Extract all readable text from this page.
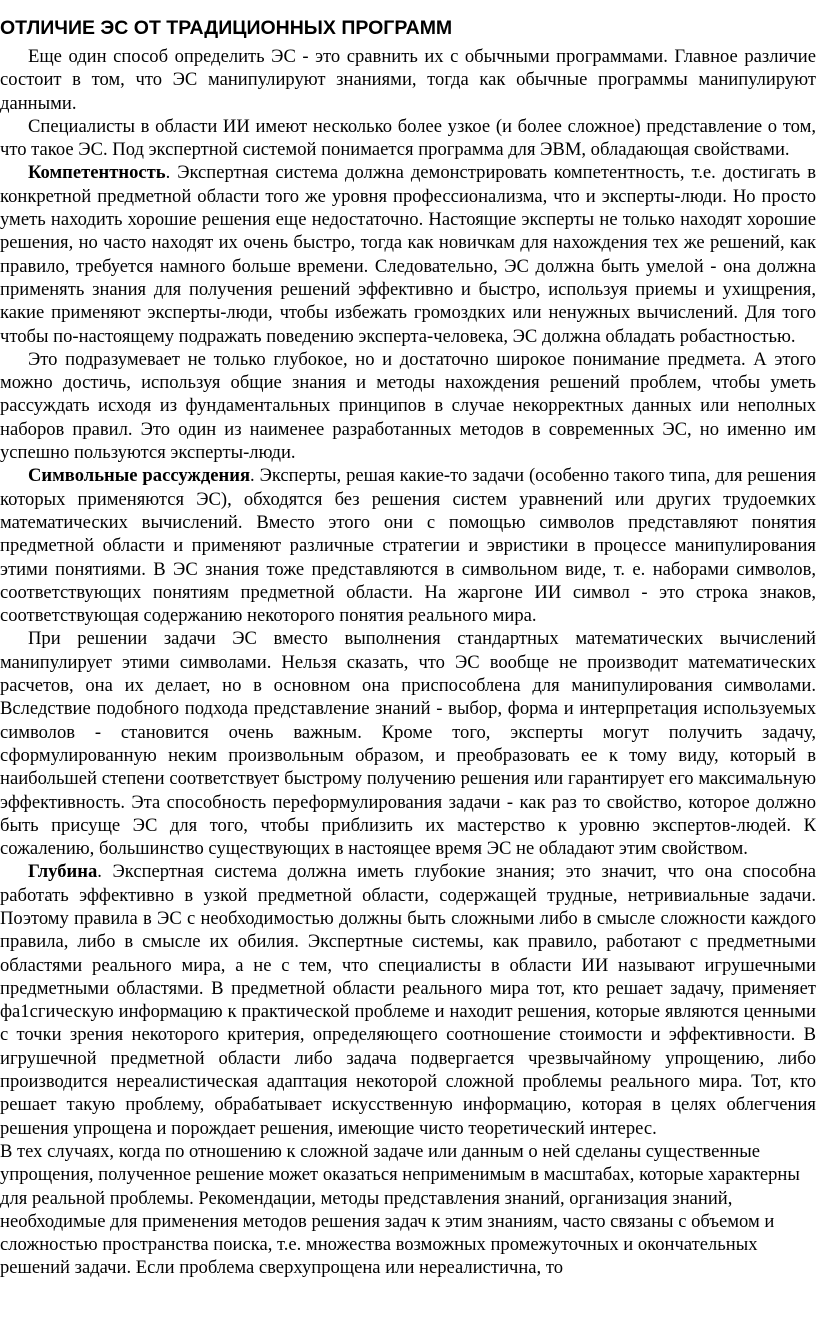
ОТЛИЧИЕ ЭС ОТ ТРАДИЦИОННЫХ ПРОГРАММ

Еще один способ определить ЭС - это сравнить их с обычными программами. Главное различие состоит в том, что ЭС манипулируют знаниями, тогда как обычные программы манипулируют данными.

Специалисты в области ИИ имеют несколько более узкое (и более сложное) представление о том, что такое ЭС. Под экспертной системой понимается программа для ЭВМ, обладающая свойствами.

Компетентность. Экспертная система должна демонстрировать компетентность, т.е. достигать в конкретной предметной области того же уровня профессионализма, что и эксперты-люди. Но просто уметь находить хорошие решения еще недостаточно. Настоящие эксперты не только находят хорошие решения, но часто находят их очень быстро, тогда как новичкам для нахождения тех же решений, как правило, требуется намного больше времени. Следовательно, ЭС должна быть умелой - она должна применять знания для получения решений эффективно и быстро, используя приемы и ухищрения, какие применяют эксперты-люди, чтобы избежать громоздких или ненужных вычислений. Для того чтобы по-настоящему подражать поведению эксперта-человека, ЭС должна обладать робастностью.

Это подразумевает не только глубокое, но и достаточно широкое понимание предмета. А этого можно достичь, используя общие знания и методы нахождения решений проблем, чтобы уметь рассуждать исходя из фундаментальных принципов в случае некорректных данных или неполных наборов правил. Это один из наименее разработанных методов в современных ЭС, но именно им успешно пользуются эксперты-люди.

Символьные рассуждения. Эксперты, решая какие-то задачи (особенно такого типа, для решения которых применяются ЭС), обходятся без решения систем уравнений или других трудоемких математических вычислений. Вместо этого они с помощью символов представляют понятия предметной области и применяют различные стратегии и эвристики в процессе манипулирования этими понятиями. В ЭС знания тоже представляются в символьном виде, т. е. наборами символов, соответствующих понятиям предметной области. На жаргоне ИИ символ - это строка знаков, соответствующая содержанию некоторого понятия реального мира.

При решении задачи ЭС вместо выполнения стандартных математических вычислений манипулирует этими символами. Нельзя сказать, что ЭС вообще не производит математических расчетов, она их делает, но в основном она приспособлена для манипулирования символами. Вследствие подобного подхода представление знаний - выбор, форма и интерпретация используемых символов - становится очень важным. Кроме того, эксперты могут получить задачу, сформулированную неким произвольным образом, и преобразовать ее к тому виду, который в наибольшей степени соответствует быстрому получению решения или гарантирует его максимальную эффективность. Эта способность переформулирования задачи - как раз то свойство, которое должно быть присуще ЭС для того, чтобы приблизить их мастерство к уровню экспертов-людей. К сожалению, большинство существующих в настоящее время ЭС не обладают этим свойством.

Глубина. Экспертная система должна иметь глубокие знания; это значит, что она способна работать эффективно в узкой предметной области, содержащей трудные, нетривиальные задачи. Поэтому правила в ЭС с необходимостью должны быть сложными либо в смысле сложности каждого правила, либо в смысле их обилия. Экспертные системы, как правило, работают с предметными областями реального мира, а не с тем, что специалисты в области ИИ называют игрушечными предметными областями. В предметной области реального мира тот, кто решает задачу, применяет фа1сгическую информацию к практической проблеме и находит решения, которые являются ценными с точки зрения некоторого критерия, определяющего соотношение стоимости и эффективности. В игрушечной предметной области либо задача подвергается чрезвычайному упрощению, либо производится нереалистическая адаптация некоторой сложной проблемы реального мира. Тот, кто решает такую проблему, обрабатывает искусственную информацию, которая в целях облегчения решения упрощена и порождает решения, имеющие чисто теоретический интерес.

В тех случаях, когда по отношению к сложной задаче или данным о ней сделаны существенные упрощения, полученное решение может оказаться неприменимым в масштабах, которые характерны для реальной проблемы. Рекомендации, методы представления знаний, организация знаний, необходимые для применения методов решения задач к этим знаниям, часто связаны с объемом и сложностью пространства поиска, т.е. множества возможных промежуточных и окончательных решений задачи. Если проблема сверхупрощена или нереалистична, то
